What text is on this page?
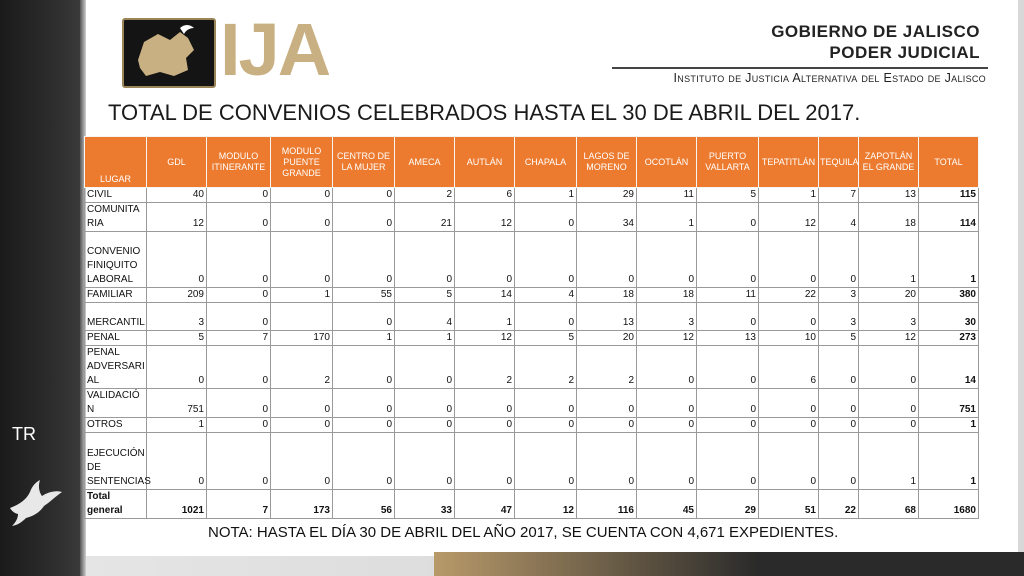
TR
IJA	GOBIERNO DE JALISCO
PODER JUDICIAL
Instituto de Justicia Alternativa del Estado de Jalisco
TOTAL DE CONVENIOS CELEBRADOS HASTA EL 30 DE ABRIL DEL 2017.
LUGAR	GDL	MODULO ITINERANTE	MODULO PUENTE GRANDE	CENTRO DE LA MUJER	AMECA	AUTLÁN	CHAPALA	LAGOS DE MORENO	OCOTLÁN	PUERTO VALLARTA	TEPATITLÁN	TEQUILA	ZAPOTLÁN EL GRANDE	TOTAL
CIVIL	40	0	0	0	2	6	1	29	11	5	1	7	13	115
COMUNITA RIA	12	0	0	0	21	12	0	34	1	0	12	4	18	114
CONVENIO FINIQUITO LABORAL	0	0	0	0	0	0	0	0	0	0	0	0	1	1
FAMILIAR	209	0	1	55	5	14	4	18	18	11	22	3	20	380
MERCANTIL	3	0		0	4	1	0	13	3	0	0	3	3	30
PENAL	5	7	170	1	1	12	5	20	12	13	10	5	12	273
PENAL ADVERSARI AL	0	0	2	0	0	2	2	2	0	0	6	0	0	14
VALIDACIÓ N	751	0	0	0	0	0	0	0	0	0	0	0	0	751
OTROS	1	0	0	0	0	0	0	0	0	0	0	0	0	1
EJECUCIÓN DE SENTENCIAS	0	0	0	0	0	0	0	0	0	0	0	0	1	1
Total general	1021	7	173	56	33	47	12	116	45	29	51	22	68	1680
NOTA: HASTA EL DÍA 30 DE ABRIL DEL AÑO 2017, SE CUENTA CON 4,671 EXPEDIENTES.
